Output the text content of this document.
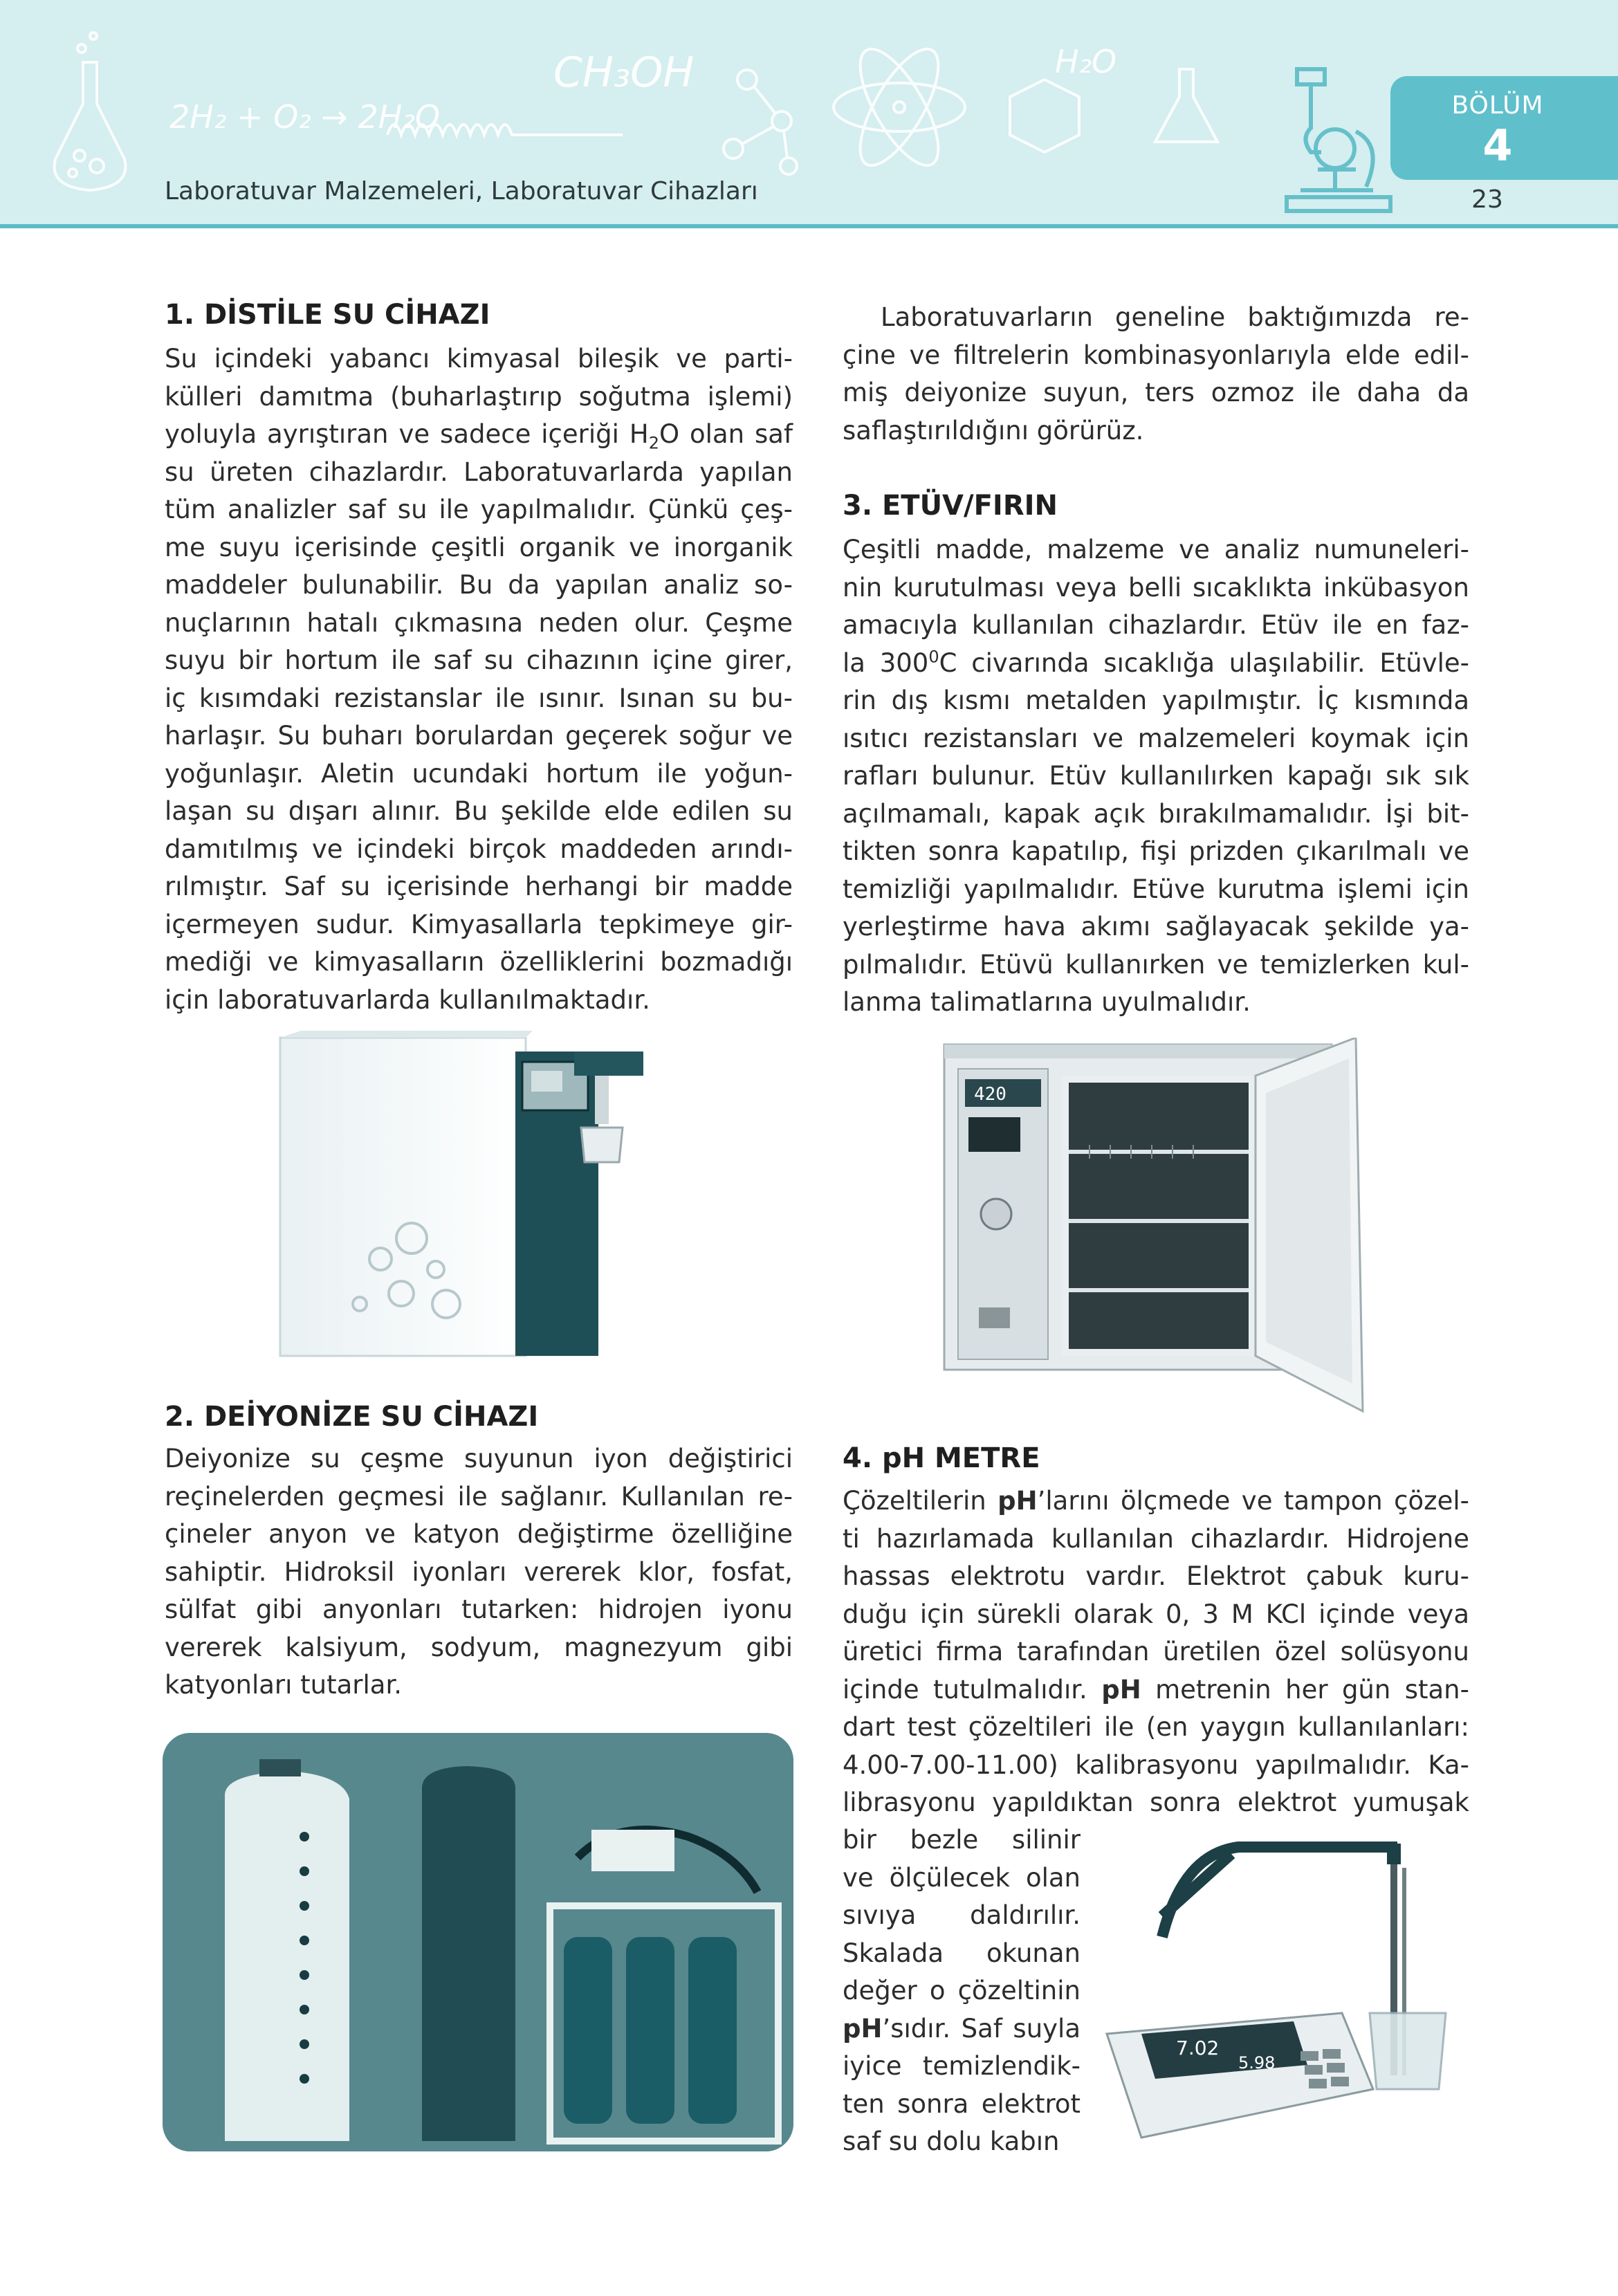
2H₂ + O₂ → 2H₂O
CH₃OH	H₂O
Laboratuvar Malzemeleri, Laboratuvar Cihazları
BÖLÜM
4
23
1. DİSTİLE SU CİHAZI
Su içindeki yabancı kimyasal bileşik ve parti-
külleri damıtma (buharlaştırıp soğutma işlemi)
yoluyla ayrıştıran ve sadece içeriği $H_2O$ olan saf
su üreten cihazlardır. Laboratuvarlarda yapılan
tüm analizler saf su ile yapılmalıdır. Çünkü çeş-
me suyu içerisinde çeşitli organik ve inorganik
maddeler bulunabilir. Bu da yapılan analiz so-
nuçlarının hatalı çıkmasına neden olur. Çeşme
suyu bir hortum ile saf su cihazının içine girer,
iç kısımdaki rezistanslar ile ısınır. Isınan su bu-
harlaşır. Su buharı borulardan geçerek soğur ve
yoğunlaşır. Aletin ucundaki hortum ile yoğun-
laşan su dışarı alınır. Bu şekilde elde edilen su
damıtılmış ve içindeki birçok maddeden arındı-
rılmıştır. Saf su içerisinde herhangi bir madde
içermeyen sudur. Kimyasallarla tepkimeye gir-
mediği ve kimyasalların özelliklerini bozmadığı
için laboratuvarlarda kullanılmaktadır.
2. DEİYONİZE SU CİHAZI
Deiyonize su çeşme suyunun iyon değiştirici
reçinelerden geçmesi ile sağlanır. Kullanılan re-
çineler anyon ve katyon değiştirme özelliğine
sahiptir. Hidroksil iyonları vererek klor, fosfat,
sülfat gibi anyonları tutarken: hidrojen iyonu
vererek kalsiyum, sodyum, magnezyum gibi
katyonları tutarlar.
Laboratuvarların geneline baktığımızda re-
çine ve filtrelerin kombinasyonlarıyla elde edil-
miş deiyonize suyun, ters ozmoz ile daha da
saflaştırıldığını görürüz.
3. ETÜV/FIRIN
Çeşitli madde, malzeme ve analiz numuneleri-
nin kurutulması veya belli sıcaklıkta inkübasyon
amacıyla kullanılan cihazlardır. Etüv ile en faz-
la $300^0C$ civarında sıcaklığa ulaşılabilir. Etüvle-
rin dış kısmı metalden yapılmıştır. İç kısmında
ısıtıcı rezistansları ve malzemeleri koymak için
rafları bulunur. Etüv kullanılırken kapağı sık sık
açılmamalı, kapak açık bırakılmamalıdır. İşi bit-
tikten sonra kapatılıp, fişi prizden çıkarılmalı ve
temizliği yapılmalıdır. Etüve kurutma işlemi için
yerleştirme hava akımı sağlayacak şekilde ya-
pılmalıdır. Etüvü kullanırken ve temizlerken kul-
lanma talimatlarına uyulmalıdır.
420
4. pH METRE
Çözeltilerin pH’larını ölçmede ve tampon çözel-
ti hazırlamada kullanılan cihazlardır. Hidrojene
hassas elektrotu vardır. Elektrot çabuk kuru-
duğu için sürekli olarak 0, 3 M KCl içinde veya
üretici firma tarafından üretilen özel solüsyonu
içinde tutulmalıdır. pH metrenin her gün stan-
dart test çözeltileri ile (en yaygın kullanılanları:
4.00-7.00-11.00) kalibrasyonu yapılmalıdır. Ka-
librasyonu yapıldıktan sonra elektrot yumuşak
bir bezle silinir
ve ölçülecek olan
sıvıya daldırılır.
Skalada okunan
değer o çözeltinin
pH’sıdır. Saf suyla
iyice temizlendik-
ten sonra elektrot
saf su dolu kabın
7.02
5.98
